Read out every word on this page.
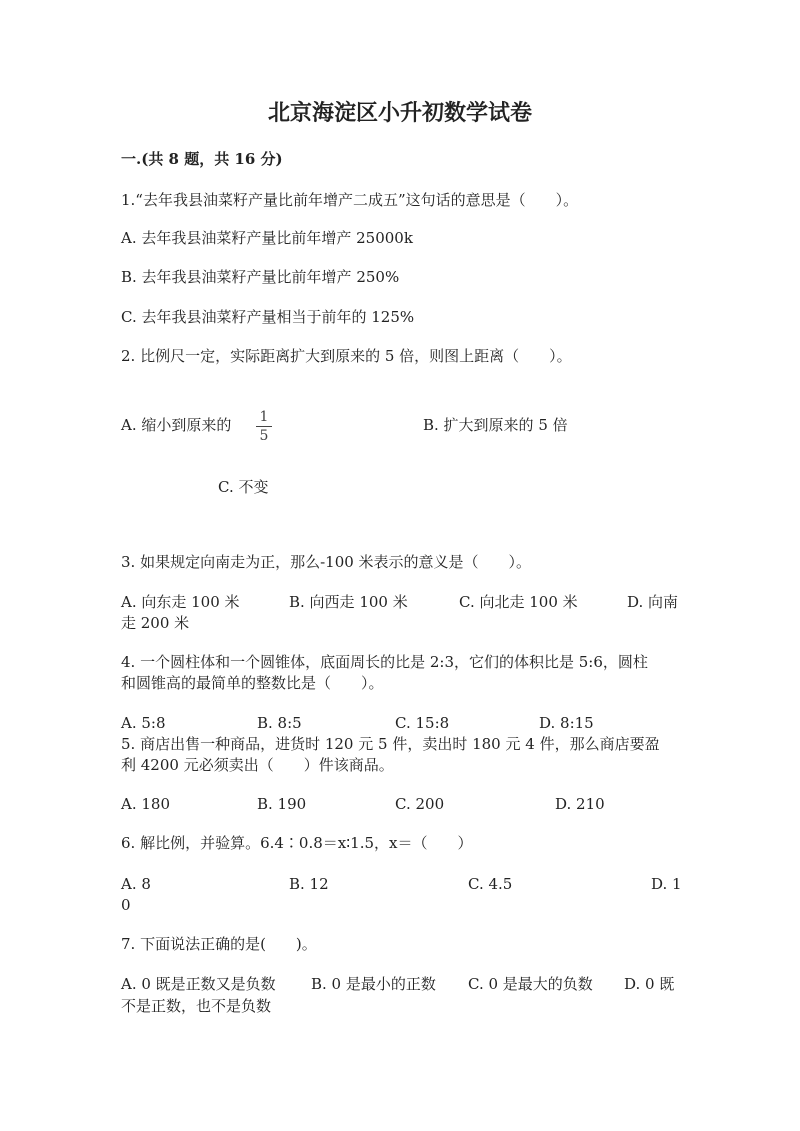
北京海淀区小升初数学试卷
一.(共 8 题，共 16 分)
1.“去年我县油菜籽产量比前年增产二成五”这句话的意思是（　　）。
A. 去年我县油菜籽产量比前年增产 25000k
B. 去年我县油菜籽产量比前年增产 250%
C. 去年我县油菜籽产量相当于前年的 125%
2. 比例尺一定，实际距离扩大到原来的 5 倍，则图上距离（　　）。
A. 缩小到原来的	1
5
B. 扩大到原来的 5 倍
C. 不变
3. 如果规定向南走为正，那么-100 米表示的意义是（　　）。
A. 向东走 100 米	B. 向西走 100 米	C. 向北走 100 米	D. 向南
走 200 米
4. 一个圆柱体和一个圆锥体，底面周长的比是 2:3，它们的体积比是 5:6，圆柱
和圆锥高的最简单的整数比是（　　）。
A. 5:8	B. 8:5	C. 15:8	D. 8:15
5. 商店出售一种商品，进货时 120 元 5 件，卖出时 180 元 4 件，那么商店要盈
利 4200 元必须卖出（　　）件该商品。
A. 180	B. 190	C. 200	D. 210
6. 解比例，并验算。6.4∶0.8＝x∶1.5，x＝（　　）
A. 8	B. 12	C. 4.5	D. 1
0
7. 下面说法正确的是(　　)。
A. 0 既是正数又是负数 B. 0 是最小的正数 C. 0 是最大的负数 D. 0 既
不是正数，也不是负数
